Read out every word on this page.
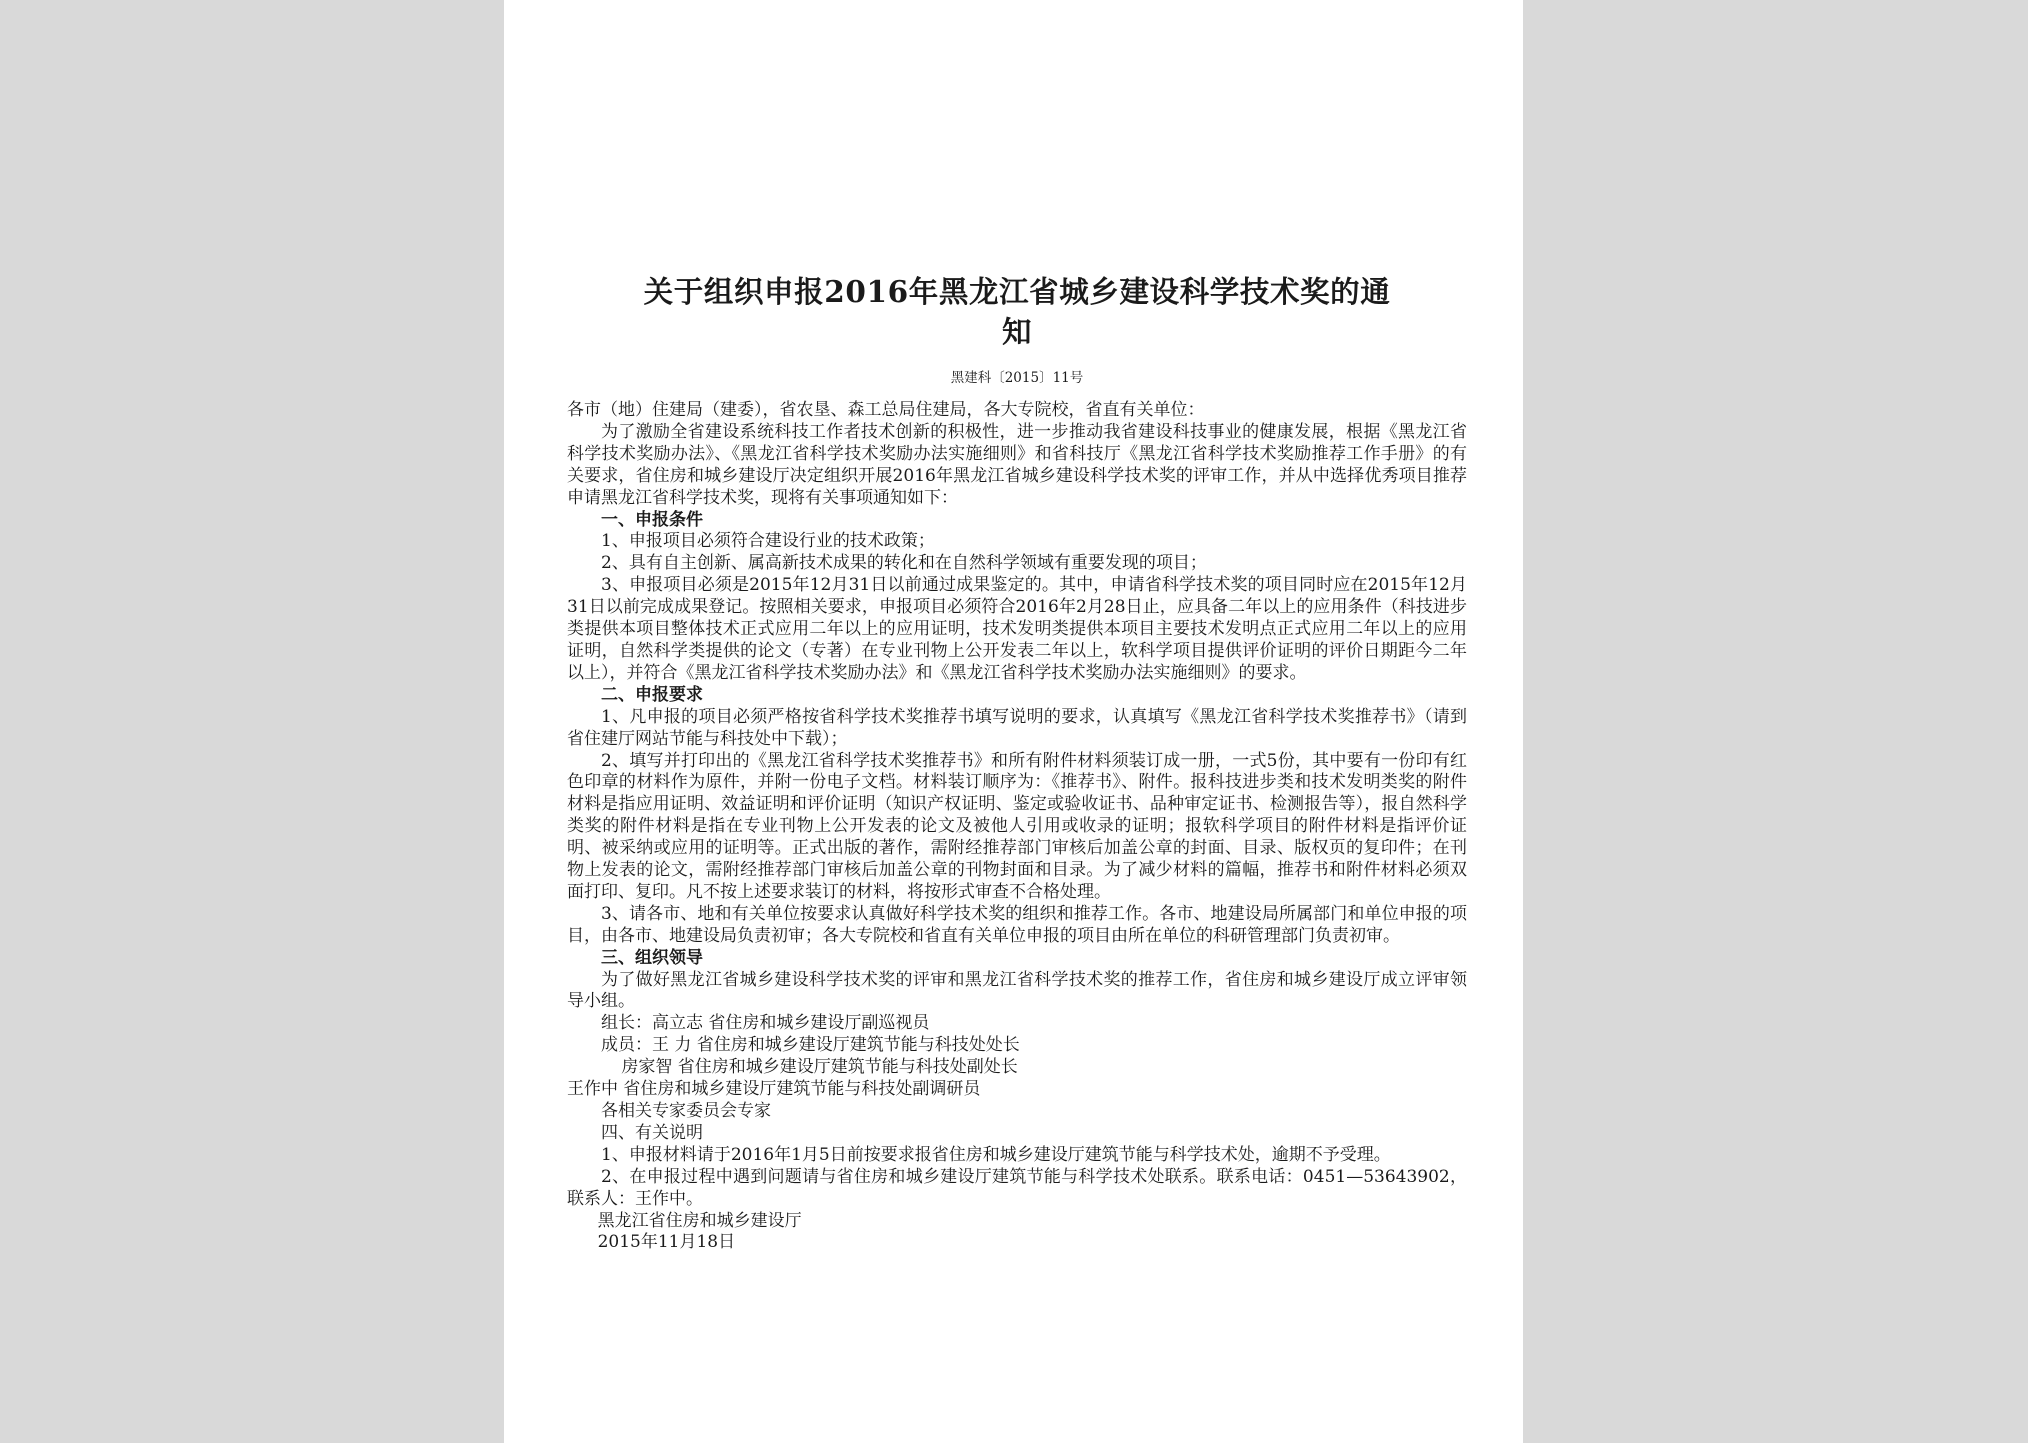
关于组织申报2016年黑龙江省城乡建设科学技术奖的通
知
黑建科〔2015〕11号

各市（地）住建局（建委），省农垦、森工总局住建局，各大专院校，省直有关单位：

为了激励全省建设系统科技工作者技术创新的积极性，进一步推动我省建设科技事业的健康发展，根据《黑龙江省科学技术奖励办法》、《黑龙江省科学技术奖励办法实施细则》和省科技厅《黑龙江省科学技术奖励推荐工作手册》的有关要求，省住房和城乡建设厅决定组织开展2016年黑龙江省城乡建设科学技术奖的评审工作，并从中选择优秀项目推荐申请黑龙江省科学技术奖，现将有关事项通知如下：

一、申报条件

1、申报项目必须符合建设行业的技术政策；

2、具有自主创新、属高新技术成果的转化和在自然科学领域有重要发现的项目；

3、申报项目必须是2015年12月31日以前通过成果鉴定的。其中，申请省科学技术奖的项目同时应在2015年12月31日以前完成成果登记。按照相关要求，申报项目必须符合2016年2月28日止，应具备二年以上的应用条件（科技进步类提供本项目整体技术正式应用二年以上的应用证明，技术发明类提供本项目主要技术发明点正式应用二年以上的应用证明，自然科学类提供的论文（专著）在专业刊物上公开发表二年以上，软科学项目提供评价证明的评价日期距今二年以上），并符合《黑龙江省科学技术奖励办法》和《黑龙江省科学技术奖励办法实施细则》的要求。

二、申报要求

1、凡申报的项目必须严格按省科学技术奖推荐书填写说明的要求，认真填写《黑龙江省科学技术奖推荐书》（请到省住建厅网站节能与科技处中下载）；

2、填写并打印出的《黑龙江省科学技术奖推荐书》和所有附件材料须装订成一册，一式5份，其中要有一份印有红色印章的材料作为原件，并附一份电子文档。材料装订顺序为：《推荐书》、附件。报科技进步类和技术发明类奖的附件材料是指应用证明、效益证明和评价证明（知识产权证明、鉴定或验收证书、品种审定证书、检测报告等），报自然科学类奖的附件材料是指在专业刊物上公开发表的论文及被他人引用或收录的证明；报软科学项目的附件材料是指评价证明、被采纳或应用的证明等。正式出版的著作，需附经推荐部门审核后加盖公章的封面、目录、版权页的复印件；在刊物上发表的论文，需附经推荐部门审核后加盖公章的刊物封面和目录。为了减少材料的篇幅，推荐书和附件材料必须双面打印、复印。凡不按上述要求装订的材料，将按形式审查不合格处理。

3、请各市、地和有关单位按要求认真做好科学技术奖的组织和推荐工作。各市、地建设局所属部门和单位申报的项目，由各市、地建设局负责初审；各大专院校和省直有关单位申报的项目由所在单位的科研管理部门负责初审。

三、组织领导

为了做好黑龙江省城乡建设科学技术奖的评审和黑龙江省科学技术奖的推荐工作，省住房和城乡建设厅成立评审领导小组。

组长：高立志 省住房和城乡建设厅副巡视员

成员：王 力 省住房和城乡建设厅建筑节能与科技处处长

房家智 省住房和城乡建设厅建筑节能与科技处副处长

王作中 省住房和城乡建设厅建筑节能与科技处副调研员

各相关专家委员会专家

四、有关说明

1、申报材料请于2016年1月5日前按要求报省住房和城乡建设厅建筑节能与科学技术处，逾期不予受理。

2、在申报过程中遇到问题请与省住房和城乡建设厅建筑节能与科学技术处联系。联系电话：0451—53643902，联系人：王作中。

黑龙江省住房和城乡建设厅

2015年11月18日
